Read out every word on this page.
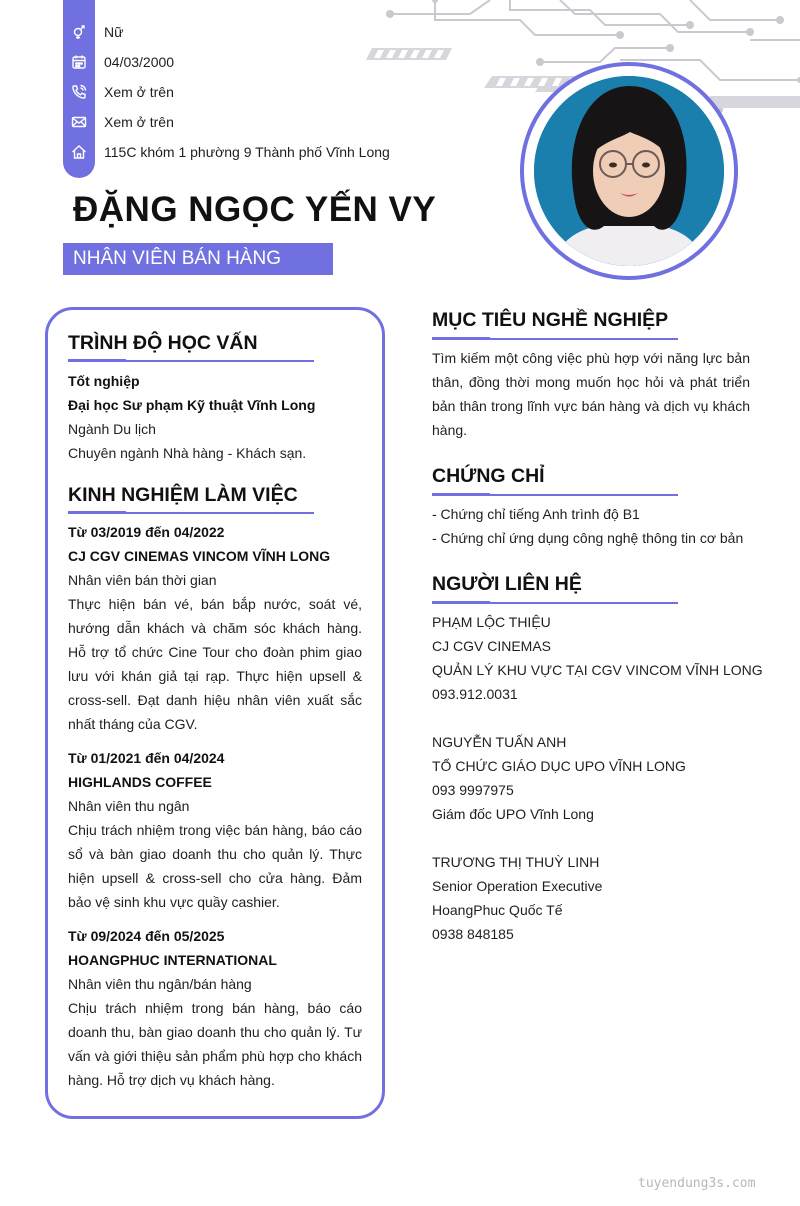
Nữ
04/03/2000
Xem ở trên
Xem ở trên
115C khóm 1 phường 9 Thành phố Vĩnh Long
ĐẶNG NGỌC YẾN VY
NHÂN VIÊN BÁN HÀNG
TRÌNH ĐỘ HỌC VẤN
Tốt nghiệp
Đại học Sư phạm Kỹ thuật Vĩnh Long
Ngành Du lịch
Chuyên ngành Nhà hàng - Khách sạn.
KINH NGHIỆM LÀM VIỆC
Từ 03/2019 đến 04/2022
CJ CGV CINEMAS VINCOM VĨNH LONG
Nhân viên bán thời gian
Thực hiện bán vé, bán bắp nước, soát vé, hướng dẫn khách và chăm sóc khách hàng. Hỗ trợ tổ chức Cine Tour cho đoàn phim giao lưu với khán giả tại rạp. Thực hiện upsell & cross-sell. Đạt danh hiệu nhân viên xuất sắc nhất tháng của CGV.
Từ 01/2021 đến 04/2024
HIGHLANDS COFFEE
Nhân viên thu ngân
Chịu trách nhiệm trong việc bán hàng, báo cáo sổ và bàn giao doanh thu cho quản lý. Thực hiện upsell & cross-sell cho cửa hàng. Đảm bảo vệ sinh khu vực quầy cashier.
Từ 09/2024 đến 05/2025
HOANGPHUC INTERNATIONAL
Nhân viên thu ngân/bán hàng
Chịu trách nhiệm trong bán hàng, báo cáo doanh thu, bàn giao doanh thu cho quản lý. Tư vấn và giới thiệu sản phẩm phù hợp cho khách hàng. Hỗ trợ dịch vụ khách hàng.
MỤC TIÊU NGHỀ NGHIỆP
Tìm kiếm một công việc phù hợp với năng lực bản thân, đồng thời mong muốn học hỏi và phát triển bản thân trong lĩnh vực bán hàng và dịch vụ khách hàng.
CHỨNG CHỈ
- Chứng chỉ tiếng Anh trình độ B1
- Chứng chỉ ứng dụng công nghệ thông tin cơ bản
NGƯỜI LIÊN HỆ
PHẠM LỘC THIỆU
CJ CGV CINEMAS
QUẢN LÝ KHU VỰC TẠI CGV VINCOM VĨNH LONG
093.912.0031
NGUYỄN TUẤN ANH
TỔ CHỨC GIÁO DỤC UPO VĨNH LONG
093 9997975
Giám đốc UPO Vĩnh Long
TRƯƠNG THỊ THUỲ LINH
Senior Operation Executive
HoangPhuc Quốc Tế
0938 848185
tuyendung3s.com
